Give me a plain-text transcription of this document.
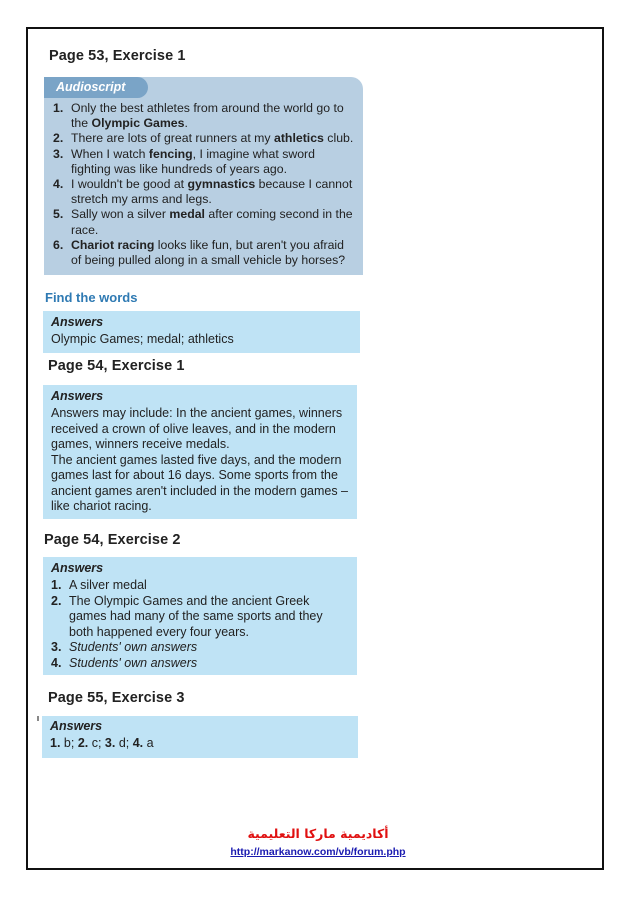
Page 53, Exercise 1
1. Only the best athletes from around the world go to the Olympic Games.
2. There are lots of great runners at my athletics club.
3. When I watch fencing, I imagine what sword fighting was like hundreds of years ago.
4. I wouldn't be good at gymnastics because I cannot stretch my arms and legs.
5. Sally won a silver medal after coming second in the race.
6. Chariot racing looks like fun, but aren't you afraid of being pulled along in a small vehicle by horses?
Audioscript
Find the words
Answers
Olympic Games; medal; athletics
Page 54, Exercise 1
Answers
Answers may include: In the ancient games, winners received a crown of olive leaves, and in the modern games, winners receive medals.
The ancient games lasted five days, and the modern games last for about 16 days. Some sports from the ancient games aren't included in the modern games – like chariot racing.
Page 54, Exercise 2
Answers
1. A silver medal
2. The Olympic Games and the ancient Greek games had many of the same sports and they both happened every four years.
3. Students' own answers
4. Students' own answers
Page 55, Exercise 3
Answers
1. b; 2. c; 3. d; 4. a
أكاديمية ماركا التعليمية
http://markanow.com/vb/forum.php
